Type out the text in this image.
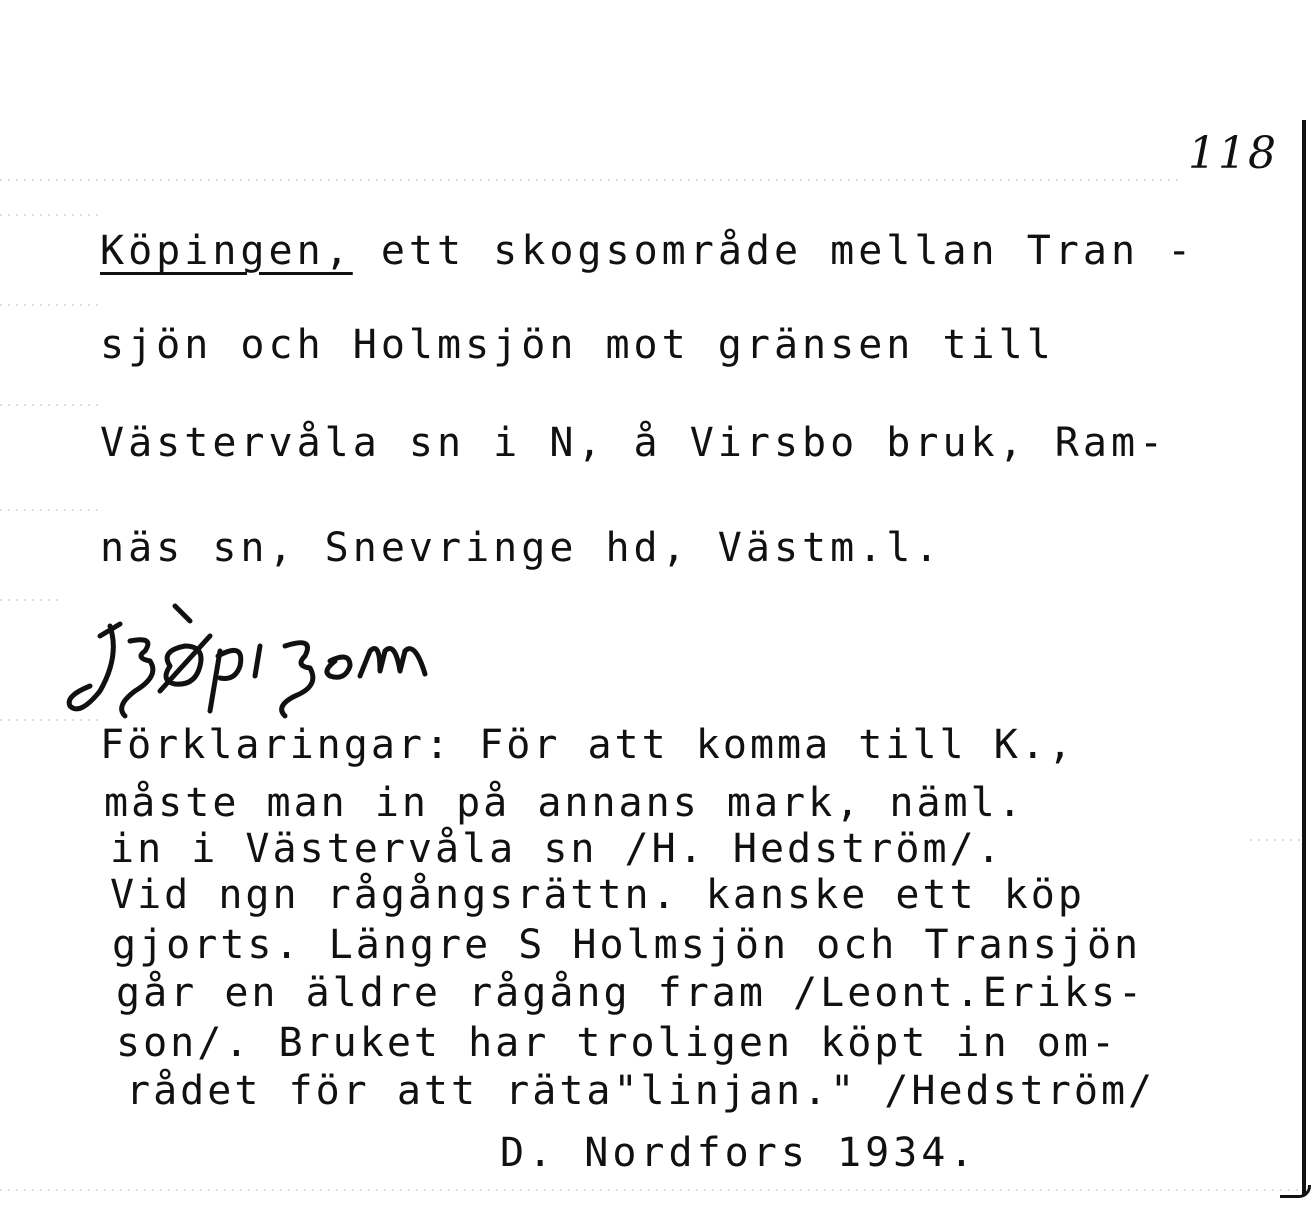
118
Köpingen, ett skogsområde mellan Tran -
sjön och Holmsjön mot gränsen till
Västervåla sn i N, å Virsbo bruk, Ram-
näs sn, Snevringe hd, Västm.l.
Förklaringar: För att komma till K.,
måste man in på annans mark, näml.
in i Västervåla sn /H. Hedström/.
Vid ngn rågångsrättn. kanske ett köp
gjorts. Längre S Holmsjön och Transjön
går en äldre rågång fram /Leont.Eriks-
son/. Bruket har troligen köpt in om-
rådet för att räta"linjan." /Hedström/
D. Nordfors 1934.
